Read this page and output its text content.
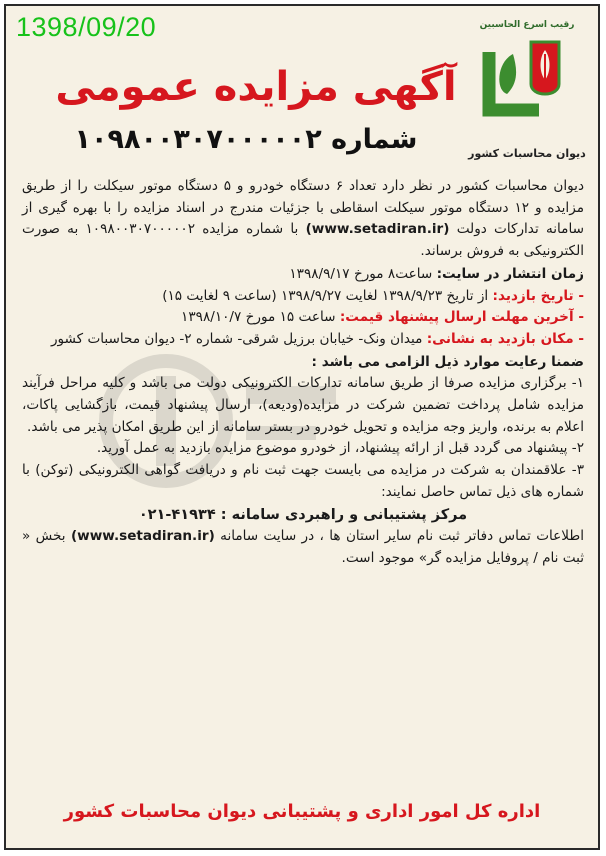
1398/09/20	رقیب اسرع الحاسبین
دیوان محاسبات کشور
آگهی مزایده عمومی
شماره ۱۰۹۸۰۰۳۰۷۰۰۰۰۰۲

دیوان محاسبات کشور در نظر دارد تعداد ۶ دستگاه خودرو و ۵ دستگاه موتور سیکلت را از طریق مزایده و ۱۲ دستگاه موتور سیکلت اسقاطی با جزئیات مندرج در اسناد مزایده را با بهره گیری از سامانه تدارکات دولت (www.setadiran.ir) با شماره مزایده ۱۰۹۸۰۰۳۰۷۰۰۰۰۰۲ به صورت الکترونیکی به فروش برساند.

زمان انتشار در سایت: ساعت۸ مورخ ۱۳۹۸/۹/۱۷

- تاریخ بازدید: از تاریخ ۱۳۹۸/۹/۲۳ لغایت ۱۳۹۸/۹/۲۷ (ساعت ۹ لغایت ۱۵)

- آخرین مهلت ارسال پیشنهاد قیمت: ساعت ۱۵ مورخ ۱۳۹۸/۱۰/۷

- مکان بازدید به نشانی: میدان ونک- خیابان برزیل شرقی- شماره ۲- دیوان محاسبات کشور

ضمنا رعایت موارد ذیل الزامی می باشد :

۱- برگزاری مزایده صرفا از طریق سامانه تدارکات الکترونیکی دولت می باشد و کلیه مراحل فرآیند مزایده شامل پرداخت تضمین شرکت در مزایده(ودیعه)، ارسال پیشنهاد قیمت، بازگشایی پاکات، اعلام به برنده، واریز وجه مزایده و تحویل خودرو در بستر سامانه از این طریق امکان پذیر می باشد.

۲- پیشنهاد می گردد قبل از ارائه پیشنهاد، از خودرو موضوع مزایده بازدید به عمل آورید.

۳- علاقمندان به شرکت در مزایده می بایست جهت ثبت نام و دریافت گواهی الکترونیکی (توکن) با شماره های ذیل تماس حاصل نمایند:

مرکز پشتیبانی و راهبردی سامانه : ۴۱۹۳۴-۰۲۱

اطلاعات تماس دفاتر ثبت نام سایر استان ها ، در سایت سامانه (www.setadiran.ir) بخش « ثبت نام / پروفایل مزایده گر» موجود است.

اداره کل امور اداری و پشتیبانی دیوان محاسبات کشور
